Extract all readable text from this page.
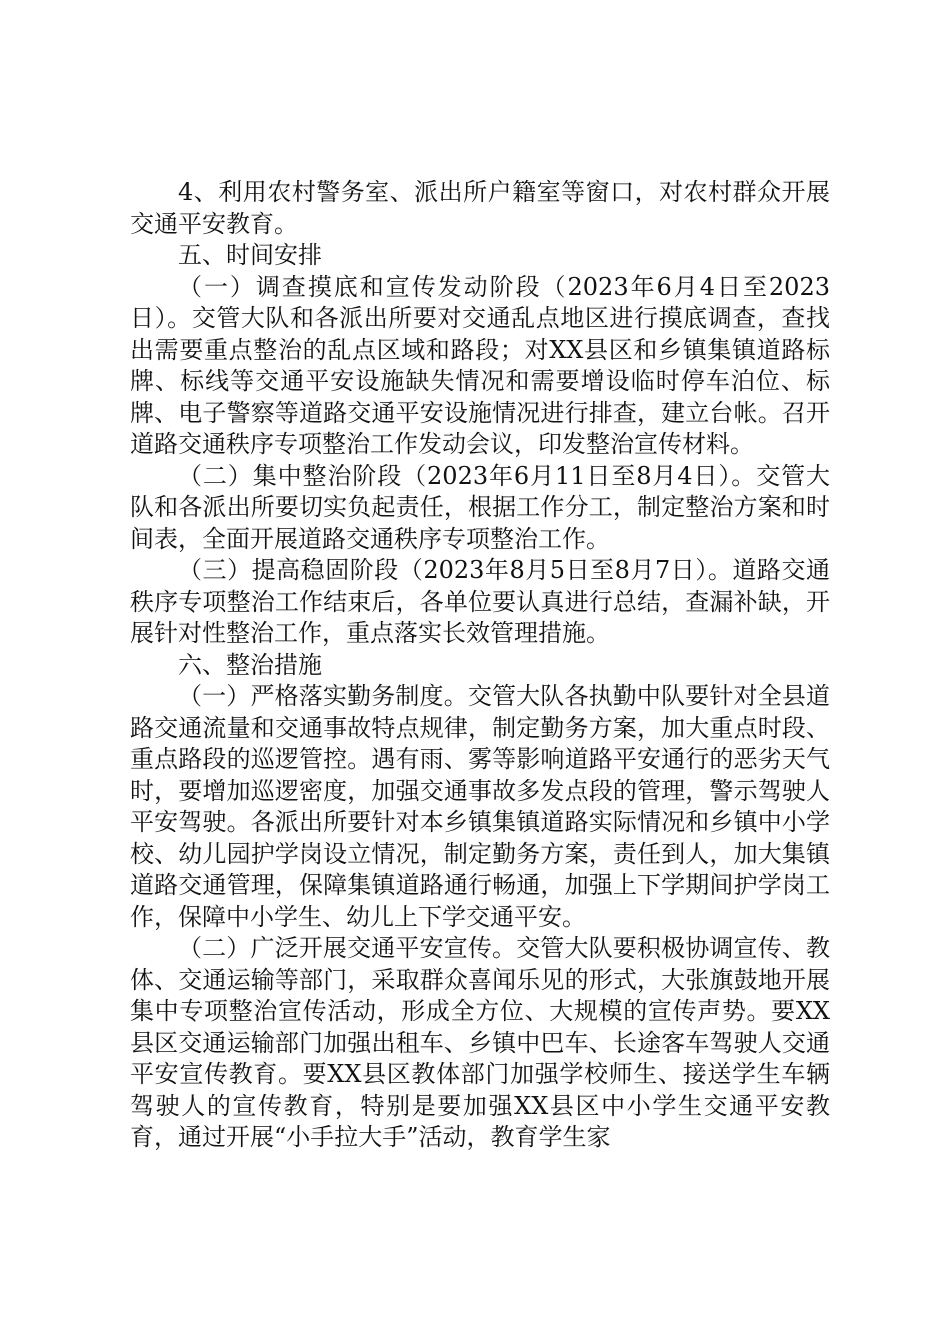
4、利用农村警务室、派出所户籍室等窗口，对农村群众开展交通平安教育。

五、时间安排

（一）调查摸底和宣传发动阶段（2023年6月4日至2023日）。交管大队和各派出所要对交通乱点地区进行摸底调查，查找出需要重点整治的乱点区域和路段；对XX县区和乡镇集镇道路标牌、标线等交通平安设施缺失情况和需要增设临时停车泊位、标牌、电子警察等道路交通平安设施情况进行排查，建立台帐。召开道路交通秩序专项整治工作发动会议，印发整治宣传材料。

（二）集中整治阶段（2023年6月11日至8月4日）。交管大队和各派出所要切实负起责任，根据工作分工，制定整治方案和时间表，全面开展道路交通秩序专项整治工作。

（三）提高稳固阶段（2023年8月5日至8月7日）。道路交通秩序专项整治工作结束后，各单位要认真进行总结，查漏补缺，开展针对性整治工作，重点落实长效管理措施。

六、整治措施

（一）严格落实勤务制度。交管大队各执勤中队要针对全县道路交通流量和交通事故特点规律，制定勤务方案，加大重点时段、重点路段的巡逻管控。遇有雨、雾等影响道路平安通行的恶劣天气时，要增加巡逻密度，加强交通事故多发点段的管理，警示驾驶人平安驾驶。各派出所要针对本乡镇集镇道路实际情况和乡镇中小学校、幼儿园护学岗设立情况，制定勤务方案，责任到人，加大集镇道路交通管理，保障集镇道路通行畅通，加强上下学期间护学岗工作，保障中小学生、幼儿上下学交通平安。

（二）广泛开展交通平安宣传。交管大队要积极协调宣传、教体、交通运输等部门，采取群众喜闻乐见的形式，大张旗鼓地开展集中专项整治宣传活动，形成全方位、大规模的宣传声势。要XX县区交通运输部门加强出租车、乡镇中巴车、长途客车驾驶人交通平安宣传教育。要XX县区教体部门加强学校师生、接送学生车辆驾驶人的宣传教育，特别是要加强XX县区中小学生交通平安教育，通过开展“小手拉大手”活动，教育学生家
